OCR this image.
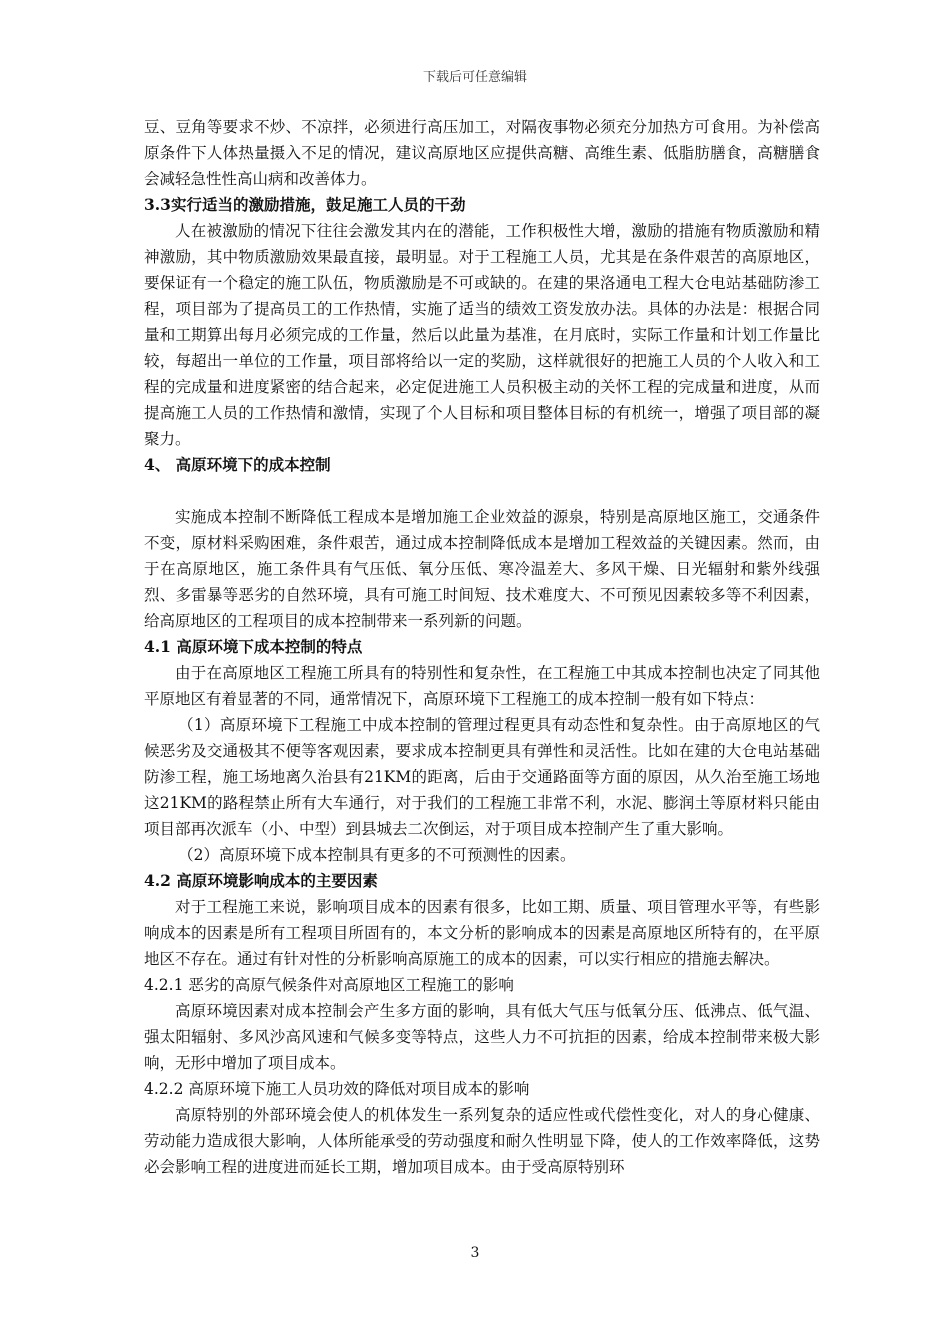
下载后可任意编辑

豆、豆角等要求不炒、不凉拌，必须进行高压加工，对隔夜事物必须充分加热方可食用。为补偿高原条件下人体热量摄入不足的情况，建议高原地区应提供高糖、高维生素、低脂肪膳食，高糖膳食会减轻急性性高山病和改善体力。

3.3实行适当的激励措施，鼓足施工人员的干劲

人在被激励的情况下往往会激发其内在的潜能，工作积极性大增，激励的措施有物质激励和精神激励，其中物质激励效果最直接，最明显。对于工程施工人员，尤其是在条件艰苦的高原地区，要保证有一个稳定的施工队伍，物质激励是不可或缺的。在建的果洛通电工程大仓电站基础防渗工程，项目部为了提高员工的工作热情，实施了适当的绩效工资发放办法。具体的办法是：根据合同量和工期算出每月必须完成的工作量，然后以此量为基准，在月底时，实际工作量和计划工作量比较，每超出一单位的工作量，项目部将给以一定的奖励，这样就很好的把施工人员的个人收入和工程的完成量和进度紧密的结合起来，必定促进施工人员积极主动的关怀工程的完成量和进度，从而提高施工人员的工作热情和激情，实现了个人目标和项目整体目标的有机统一，增强了项目部的凝聚力。

4、 高原环境下的成本控制

实施成本控制不断降低工程成本是增加施工企业效益的源泉，特别是高原地区施工，交通条件不变，原材料采购困难，条件艰苦，通过成本控制降低成本是增加工程效益的关键因素。然而，由于在高原地区，施工条件具有气压低、氧分压低、寒冷温差大、多风干燥、日光辐射和紫外线强烈、多雷暴等恶劣的自然环境，具有可施工时间短、技术难度大、不可预见因素较多等不利因素，给高原地区的工程项目的成本控制带来一系列新的问题。

4.1 高原环境下成本控制的特点

由于在高原地区工程施工所具有的特别性和复杂性，在工程施工中其成本控制也决定了同其他平原地区有着显著的不同，通常情况下，高原环境下工程施工的成本控制一般有如下特点：

（1）高原环境下工程施工中成本控制的管理过程更具有动态性和复杂性。由于高原地区的气候恶劣及交通极其不便等客观因素，要求成本控制更具有弹性和灵活性。比如在建的大仓电站基础防渗工程，施工场地离久治县有21KM的距离，后由于交通路面等方面的原因，从久治至施工场地这21KM的路程禁止所有大车通行，对于我们的工程施工非常不利，水泥、膨润土等原材料只能由项目部再次派车（小、中型）到县城去二次倒运，对于项目成本控制产生了重大影响。

（2）高原环境下成本控制具有更多的不可预测性的因素。

4.2 高原环境影响成本的主要因素

对于工程施工来说，影响项目成本的因素有很多，比如工期、质量、项目管理水平等，有些影响成本的因素是所有工程项目所固有的，本文分析的影响成本的因素是高原地区所特有的，在平原地区不存在。通过有针对性的分析影响高原施工的成本的因素，可以实行相应的措施去解决。

4.2.1 恶劣的高原气候条件对高原地区工程施工的影响

高原环境因素对成本控制会产生多方面的影响，具有低大气压与低氧分压、低沸点、低气温、强太阳辐射、多风沙高风速和气候多变等特点，这些人力不可抗拒的因素，给成本控制带来极大影响，无形中增加了项目成本。

4.2.2 高原环境下施工人员功效的降低对项目成本的影响

高原特别的外部环境会使人的机体发生一系列复杂的适应性或代偿性变化，对人的身心健康、劳动能力造成很大影响，人体所能承受的劳动强度和耐久性明显下降，使人的工作效率降低，这势必会影响工程的进度进而延长工期，增加项目成本。由于受高原特别环

3
